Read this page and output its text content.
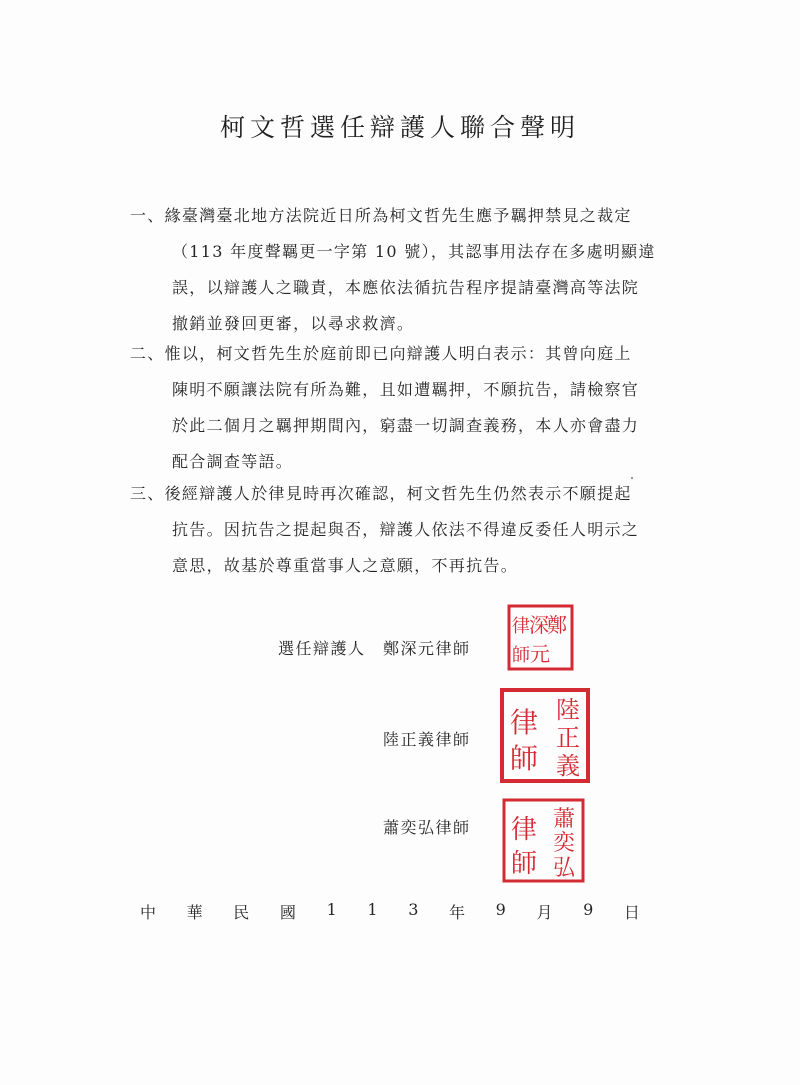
柯文哲選任辯護人聯合聲明
一、緣臺灣臺北地方法院近日所為柯文哲先生應予羈押禁見之裁定
（113 年度聲羈更一字第 10 號），其認事用法存在多處明顯違
誤，以辯護人之職責，本應依法循抗告程序提請臺灣高等法院
撤銷並發回更審，以尋求救濟。
二、惟以，柯文哲先生於庭前即已向辯護人明白表示：其曾向庭上
陳明不願讓法院有所為難，且如遭羈押，不願抗告，請檢察官
於此二個月之羈押期間內，窮盡一切調查義務，本人亦會盡力
配合調查等語。
三、後經辯護人於律見時再次確認，柯文哲先生仍然表示不願提起
抗告。因抗告之提起與否，辯護人依法不得違反委任人明示之
意思，故基於尊重當事人之意願，不再抗告。
選任辯護人 鄭深元律師
陸正義律師
蕭奕弘律師
鄭
深
元
律
師
陸
正
義
律
師
蕭
奕
弘
律
師
中 華 民 國 1 1 3 年 9 月 9 日
